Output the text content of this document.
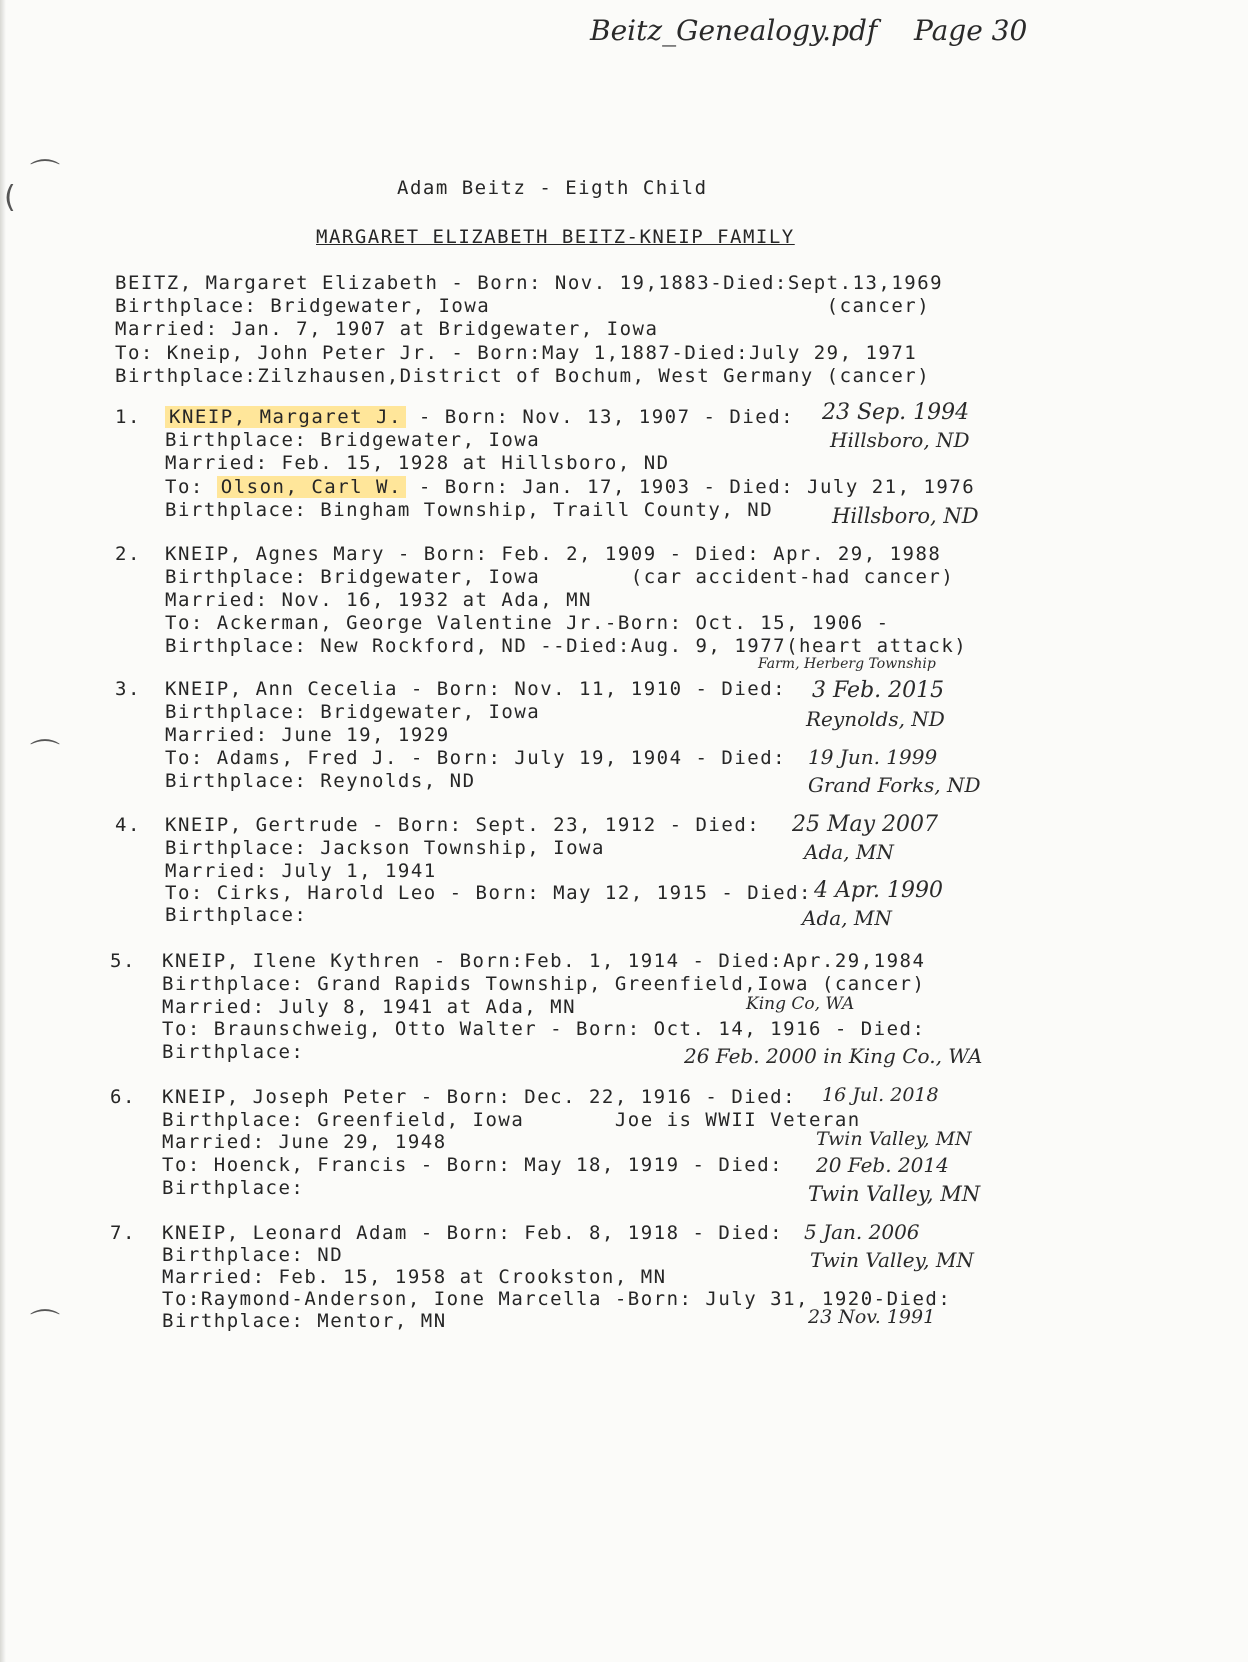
Beitz_Genealogy.pdf Page 30
⌒
(
⌒
⌒
Adam Beitz - Eigth Child
MARGARET ELIZABETH BEITZ-KNEIP FAMILY
BEITZ, Margaret Elizabeth - Born: Nov. 19,1883-Died:Sept.13,1969
Birthplace: Bridgewater, Iowa                          (cancer)
Married: Jan. 7, 1907 at Bridgewater, Iowa
To: Kneip, John Peter Jr. - Born:May 1,1887-Died:July 29, 1971
Birthplace:Zilzhausen,District of Bochum, West Germany (cancer)
1. KNEIP, Margaret J. - Born: Nov. 13, 1907 - Died:
Birthplace: Bridgewater, Iowa
Married: Feb. 15, 1928 at Hillsboro, ND
To: Olson, Carl W. - Born: Jan. 17, 1903 - Died: July 21, 1976
Birthplace: Bingham Township, Traill County, ND
23 Sep. 1994
Hillsboro, ND
Hillsboro, ND
2. KNEIP, Agnes Mary - Born: Feb. 2, 1909 - Died: Apr. 29, 1988
Birthplace: Bridgewater, Iowa       (car accident-had cancer)
Married: Nov. 16, 1932 at Ada, MN
To: Ackerman, George Valentine Jr.-Born: Oct. 15, 1906 -
Birthplace: New Rockford, ND --Died:Aug. 9, 1977(heart attack)
Farm, Herberg Township
3. KNEIP, Ann Cecelia - Born: Nov. 11, 1910 - Died:
Birthplace: Bridgewater, Iowa
Married: June 19, 1929
To: Adams, Fred J. - Born: July 19, 1904 - Died:
Birthplace: Reynolds, ND
3 Feb. 2015
Reynolds, ND
19 Jun. 1999
Grand Forks, ND
4. KNEIP, Gertrude - Born: Sept. 23, 1912 - Died:
Birthplace: Jackson Township, Iowa
Married: July 1, 1941
To: Cirks, Harold Leo - Born: May 12, 1915 - Died:
Birthplace:
25 May 2007
Ada, MN
4 Apr. 1990
Ada, MN
5. KNEIP, Ilene Kythren - Born:Feb. 1, 1914 - Died:Apr.29,1984
Birthplace: Grand Rapids Township, Greenfield,Iowa (cancer)
Married: July 8, 1941 at Ada, MN
To: Braunschweig, Otto Walter - Born: Oct. 14, 1916 - Died:
Birthplace:
King Co, WA
26 Feb. 2000 in King Co., WA
6. KNEIP, Joseph Peter - Born: Dec. 22, 1916 - Died:
Birthplace: Greenfield, Iowa       Joe is WWII Veteran
Married: June 29, 1948
To: Hoenck, Francis - Born: May 18, 1919 - Died:
Birthplace:
16 Jul. 2018
Twin Valley, MN
20 Feb. 2014
Twin Valley, MN
7. KNEIP, Leonard Adam - Born: Feb. 8, 1918 - Died:
Birthplace: ND
Married: Feb. 15, 1958 at Crookston, MN
To:Raymond-Anderson, Ione Marcella -Born: July 31, 1920-Died:
Birthplace: Mentor, MN
5 Jan. 2006
Twin Valley, MN
23 Nov. 1991
